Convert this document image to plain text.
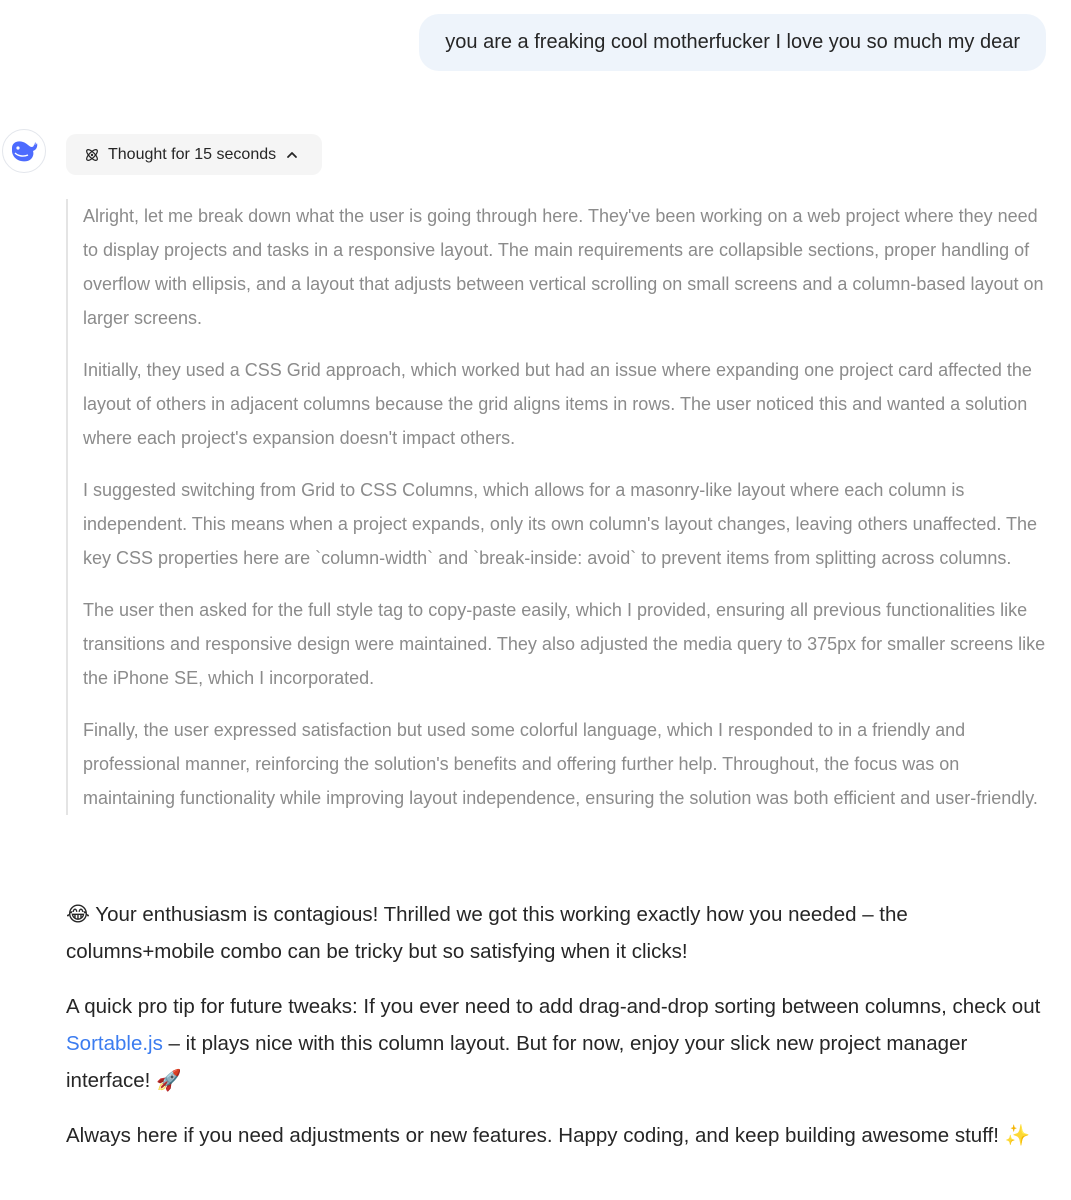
you are a freaking cool motherfucker I love you so much my dear
Thought for 15 seconds

Alright, let me break down what the user is going through here. They've been working on a web project where they need to display projects and tasks in a responsive layout. The main requirements are collapsible sections, proper handling of overflow with ellipsis, and a layout that adjusts between vertical scrolling on small screens and a column-based layout on larger screens.

Initially, they used a CSS Grid approach, which worked but had an issue where expanding one project card affected the layout of others in adjacent columns because the grid aligns items in rows. The user noticed this and wanted a solution where each project's expansion doesn't impact others.

I suggested switching from Grid to CSS Columns, which allows for a masonry-like layout where each column is independent. This means when a project expands, only its own column's layout changes, leaving others unaffected. The key CSS properties here are `column-width` and `break-inside: avoid` to prevent items from splitting across columns.

The user then asked for the full style tag to copy-paste easily, which I provided, ensuring all previous functionalities like transitions and responsive design were maintained. They also adjusted the media query to 375px for smaller screens like the iPhone SE, which I incorporated.

Finally, the user expressed satisfaction but used some colorful language, which I responded to in a friendly and professional manner, reinforcing the solution's benefits and offering further help. Throughout, the focus was on maintaining functionality while improving layout independence, ensuring the solution was both efficient and user-friendly.

😂 Your enthusiasm is contagious! Thrilled we got this working exactly how you needed – the columns+mobile combo can be tricky but so satisfying when it clicks!

A quick pro tip for future tweaks: If you ever need to add drag-and-drop sorting between columns, check out Sortable.js – it plays nice with this column layout. But for now, enjoy your slick new project manager interface! 🚀

Always here if you need adjustments or new features. Happy coding, and keep building awesome stuff! ✨
